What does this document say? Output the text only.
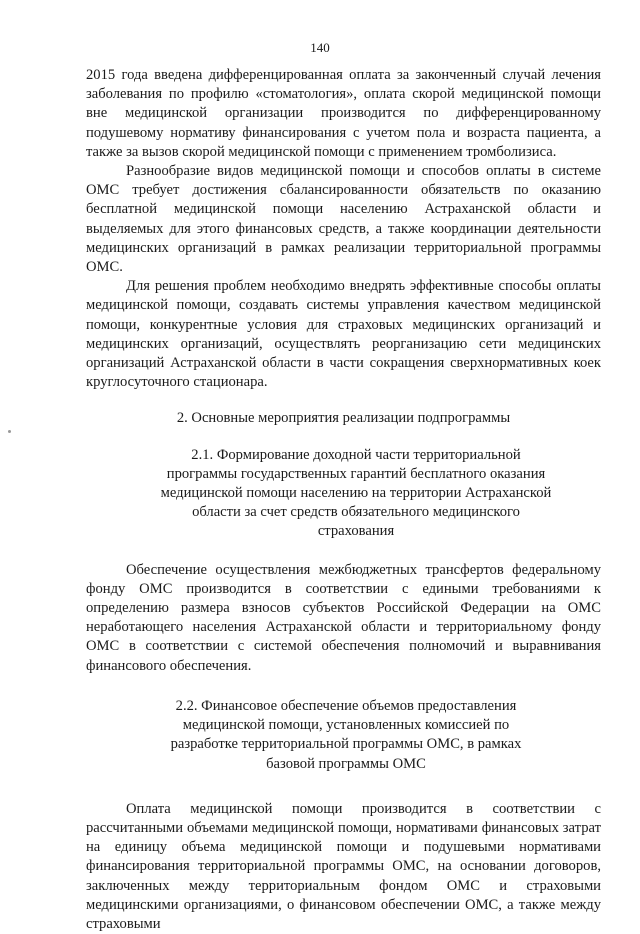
140

2015 года введена дифференцированная оплата за законченный случай лечения заболевания по профилю «стоматология», оплата скорой медицинской помощи вне медицинской организации производится по дифференцированному подушевому нормативу финансирования с учетом пола и возраста пациента, а также за вызов скорой медицинской помощи с применением тромболизиса.

Разнообразие видов медицинской помощи и способов оплаты в системе ОМС требует достижения сбалансированности обязательств по оказанию бесплатной медицинской помощи населению Астраханской области и выделяемых для этого финансовых средств, а также координации деятельности медицинских организаций в рамках реализации территориальной программы ОМС.

Для решения проблем необходимо внедрять эффективные способы оплаты медицинской помощи, создавать системы управления качеством медицинской помощи, конкурентные условия для страховых медицинских организаций и медицинских организаций, осуществлять реорганизацию сети медицинских организаций Астраханской области в части сокращения сверхнормативных коек круглосуточного стационара.

2. Основные мероприятия реализации подпрограммы

2.1. Формирование доходной части территориальной программы государственных гарантий бесплатного оказания медицинской помощи населению на территории Астраханской области за счет средств обязательного медицинского страхования

Обеспечение осуществления межбюджетных трансфертов федеральному фонду ОМС производится в соответствии с едиными требованиями к определению размера взносов субъектов Российской Федерации на ОМС неработающего населения Астраханской области и территориальному фонду ОМС в соответствии с системой обеспечения полномочий и выравнивания финансового обеспечения.

2.2. Финансовое обеспечение объемов предоставления медицинской помощи, установленных комиссией по разработке территориальной программы ОМС, в рамках базовой программы ОМС

Оплата медицинской помощи производится в соответствии с рассчитанными объемами медицинской помощи, нормативами финансовых затрат на единицу объема медицинской помощи и подушевыми нормативами финансирования территориальной программы ОМС, на основании договоров, заключенных между территориальным фондом ОМС и страховыми медицинскими организациями, о финансовом обеспечении ОМС, а также между страховыми
